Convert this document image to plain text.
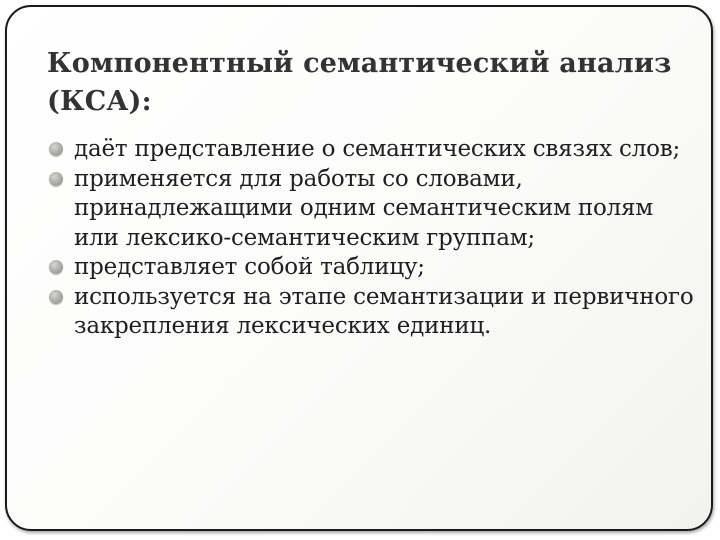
Компонентный семантический анализ (КСА):
даёт представление о семантических связях слов;
применяется для работы со словами, принадлежащими одним семантическим полям или лексико-семантическим группам;
представляет собой таблицу;
используется на этапе семантизации и первичного закрепления лексических единиц.
